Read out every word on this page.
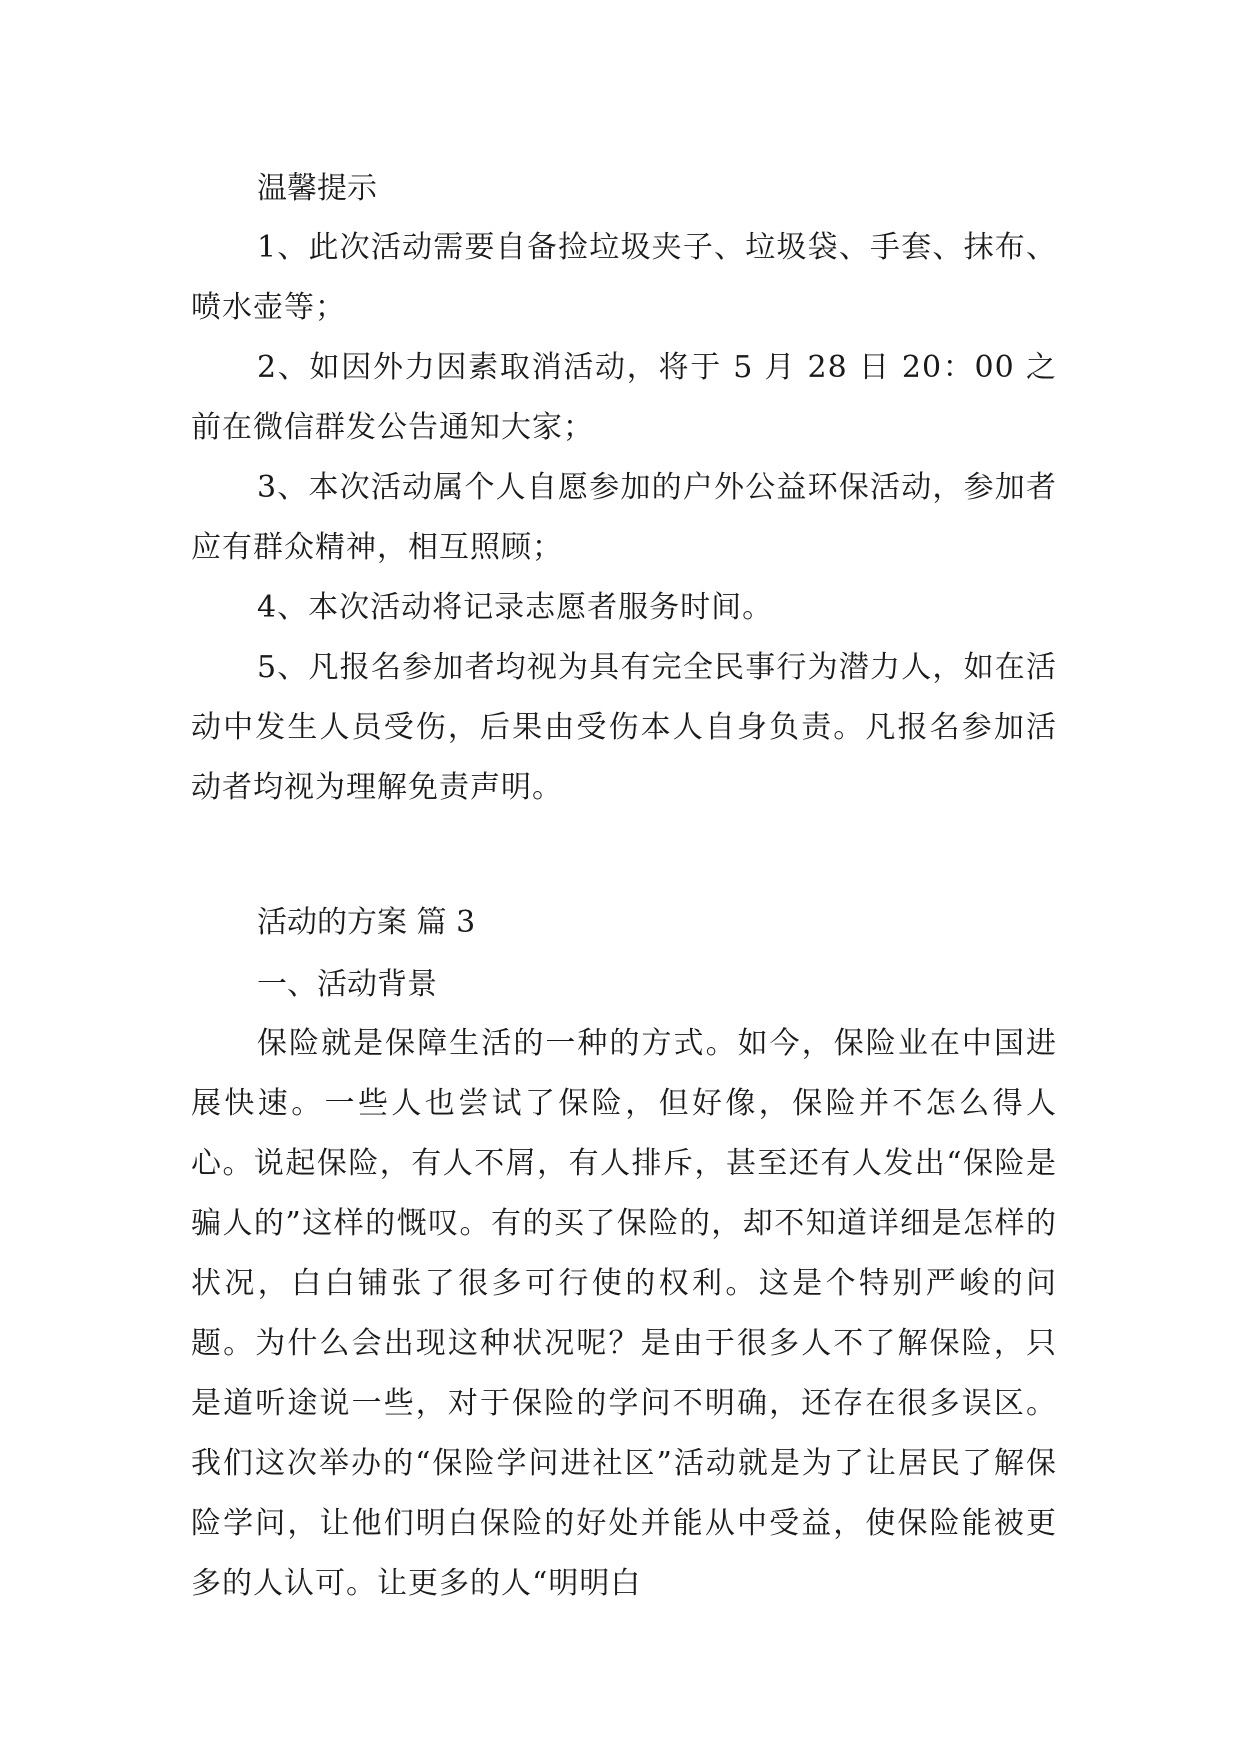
温馨提示

1、此次活动需要自备捡垃圾夹子、垃圾袋、手套、抹布、喷水壶等；

2、如因外力因素取消活动，将于 5 月 28 日 20：00 之前在微信群发公告通知大家；

3、本次活动属个人自愿参加的户外公益环保活动，参加者应有群众精神，相互照顾；

4、本次活动将记录志愿者服务时间。

5、凡报名参加者均视为具有完全民事行为潜力人，如在活动中发生人员受伤，后果由受伤本人自身负责。凡报名参加活动者均视为理解免责声明。

活动的方案 篇 3

一、活动背景

保险就是保障生活的一种的方式。如今，保险业在中国进展快速。一些人也尝试了保险，但好像，保险并不怎么得人心。说起保险，有人不屑，有人排斥，甚至还有人发出“保险是骗人的”这样的慨叹。有的买了保险的，却不知道详细是怎样的状况，白白铺张了很多可行使的权利。这是个特别严峻的问题。为什么会出现这种状况呢？是由于很多人不了解保险，只是道听途说一些，对于保险的学问不明确，还存在很多误区。我们这次举办的“保险学问进社区”活动就是为了让居民了解保险学问，让他们明白保险的好处并能从中受益，使保险能被更多的人认可。让更多的人“明明白
